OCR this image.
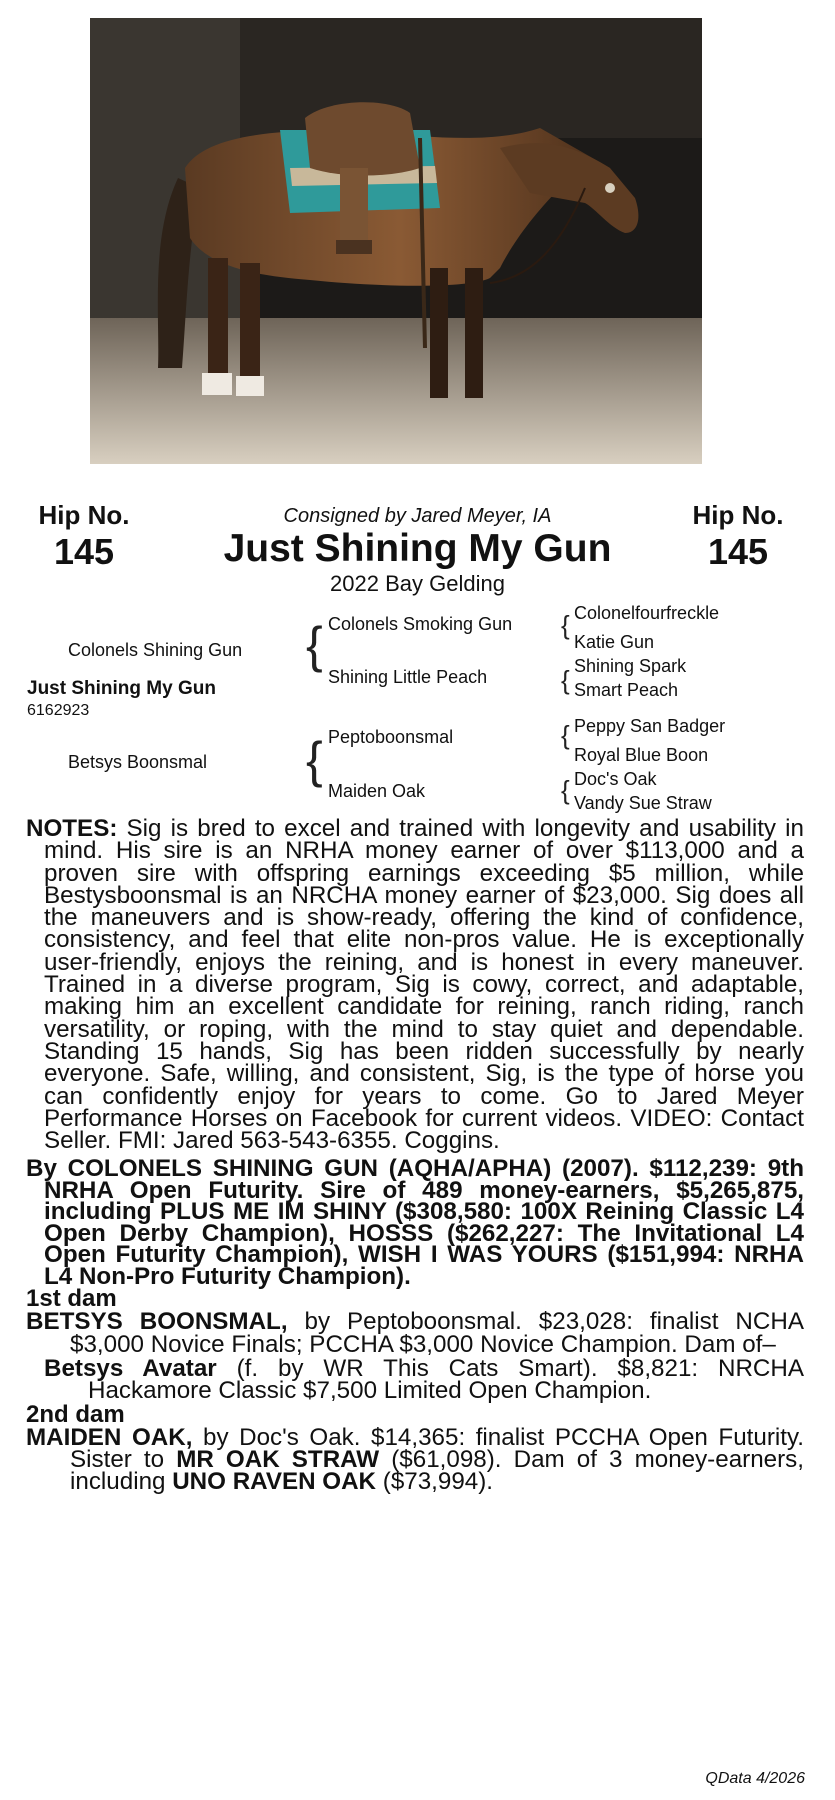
Hip No.
145
Hip No.
145
Consigned by Jared Meyer, IA
Just Shining My Gun
2022 Bay Gelding
Colonels Shining Gun
Just Shining My Gun
6162923
Betsys Boonsmal
{
{
Colonels Smoking Gun
Shining Little Peach
Peptoboonsmal
Maiden Oak
{
{
{
{
Colonelfourfreckle
Katie Gun
Shining Spark
Smart Peach
Peppy San Badger
Royal Blue Boon
Doc's Oak
Vandy Sue Straw

NOTES: Sig is bred to excel and trained with longevity and usability in mind. His sire is an NRHA money earner of over $113,000 and a proven sire with offspring earnings exceeding $5 million, while Bestysboonsmal is an NRCHA money earner of $23,000. Sig does all the maneuvers and is show-ready, offering the kind of confidence, consistency, and feel that elite non-pros value. He is exceptionally user-friendly, enjoys the reining, and is honest in every maneuver. Trained in a diverse program, Sig is cowy, correct, and adaptable, making him an excellent candidate for reining, ranch riding, ranch versatility, or roping, with the mind to stay quiet and dependable. Standing 15 hands, Sig has been ridden successfully by nearly everyone. Safe, willing, and consistent, Sig, is the type of horse you can confidently enjoy for years to come. Go to Jared Meyer Performance Horses on Facebook for current videos. VIDEO: Contact Seller. FMI: Jared 563-543-6355. Coggins.

By COLONELS SHINING GUN (AQHA/APHA) (2007). $112,239: 9th NRHA Open Futurity. Sire of 489 money-earners, $5,265,875, including PLUS ME IM SHINY ($308,580: 100X Reining Classic L4 Open Derby Champion), HOSSS ($262,227: The Invitational L4 Open Futurity Champion), WISH I WAS YOURS ($151,994: NRHA L4 Non-Pro Futurity Champion).

1st dam

BETSYS BOONSMAL, by Peptoboonsmal. $23,028: finalist NCHA $3,000 Novice Finals; PCCHA $3,000 Novice Champion. Dam of–

Betsys Avatar (f. by WR This Cats Smart). $8,821: NRCHA Hackamore Classic $7,500 Limited Open Champion.

2nd dam

MAIDEN OAK, by Doc's Oak. $14,365: finalist PCCHA Open Futurity. Sister to MR OAK STRAW ($61,098). Dam of 3 money-earners, including UNO RAVEN OAK ($73,994).

QData 4/2026
